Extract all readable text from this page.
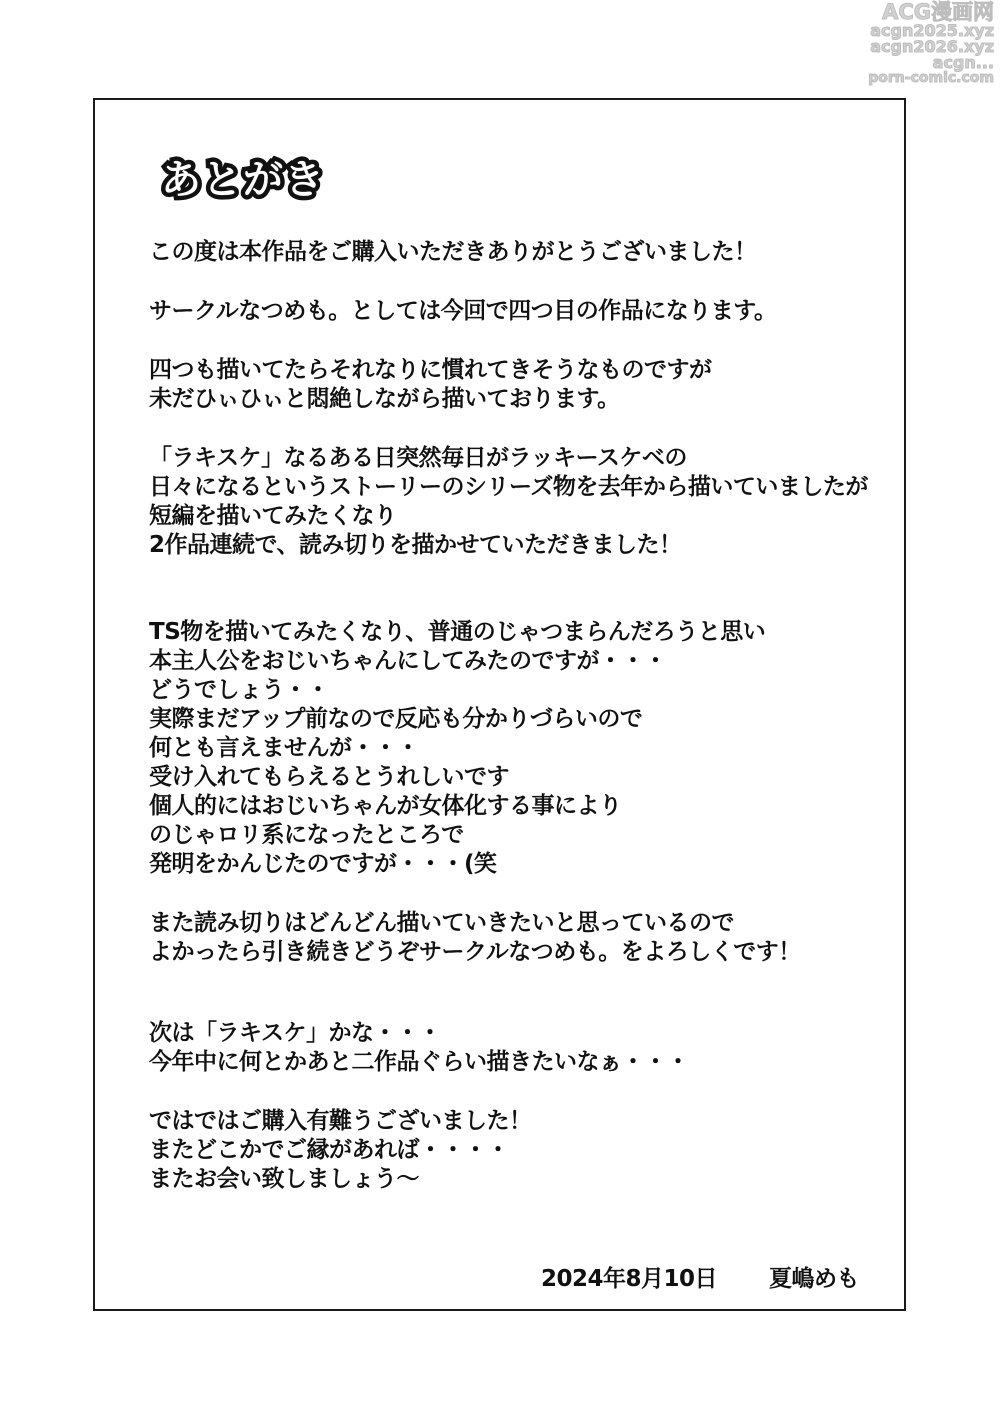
ACG漫画网
acgn2025.xyz
acgn2026.xyz
acgn...
porn-comic.com
あとがき
この度は本作品をご購入いただきありがとうございました！
サークルなつめも。としては今回で四つ目の作品になります。
四つも描いてたらそれなりに慣れてきそうなものですが
未だひぃひぃと悶絶しながら描いております。
「ラキスケ」なるある日突然毎日がラッキースケベの
日々になるというストーリーのシリーズ物を去年から描いていましたが
短編を描いてみたくなり
2作品連続で、読み切りを描かせていただきました！
TS物を描いてみたくなり、普通のじゃつまらんだろうと思い
本主人公をおじいちゃんにしてみたのですが・・・
どうでしょう・・
実際まだアップ前なので反応も分かりづらいので
何とも言えませんが・・・
受け入れてもらえるとうれしいです
個人的にはおじいちゃんが女体化する事により
のじゃロリ系になったところで
発明をかんじたのですが・・・(笑
また読み切りはどんどん描いていきたいと思っているので
よかったら引き続きどうぞサークルなつめも。をよろしくです！
次は「ラキスケ」かな・・・
今年中に何とかあと二作品ぐらい描きたいなぁ・・・
ではではご購入有難うございました！
またどこかでご縁があれば・・・・
またお会い致しましょう〜
2024年8月10日 夏嶋めも
